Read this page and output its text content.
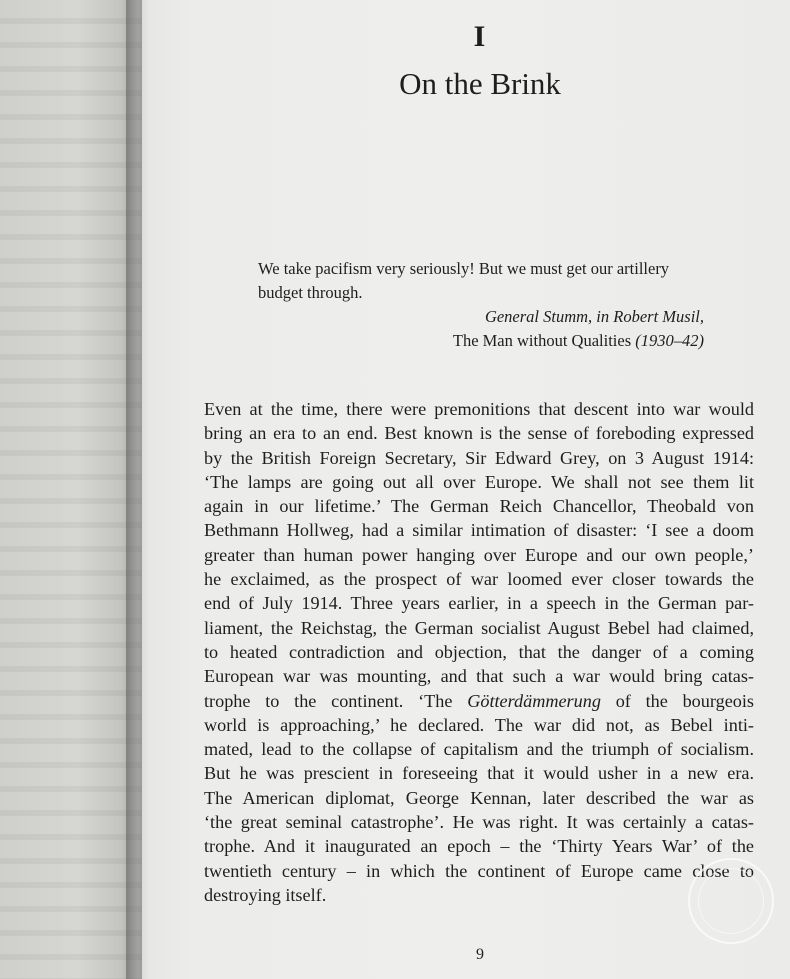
I
On the Brink
We take pacifism very seriously! But we must get our artillery
budget through.
General Stumm, in Robert Musil,
The Man without Qualities (1930–42)
Even at the time, there were premonitions that descent into war would
bring an era to an end. Best known is the sense of foreboding expressed
by the British Foreign Secretary, Sir Edward Grey, on 3 August 1914:
‘The lamps are going out all over Europe. We shall not see them lit
again in our lifetime.’ The German Reich Chancellor, Theobald von
Bethmann Hollweg, had a similar intimation of disaster: ‘I see a doom
greater than human power hanging over Europe and our own people,’
he exclaimed, as the prospect of war loomed ever closer towards the
end of July 1914. Three years earlier, in a speech in the German par-
liament, the Reichstag, the German socialist August Bebel had claimed,
to heated contradiction and objection, that the danger of a coming
European war was mounting, and that such a war would bring catas-
trophe to the continent. ‘The Götterdämmerung of the bourgeois
world is approaching,’ he declared. The war did not, as Bebel inti-
mated, lead to the collapse of capitalism and the triumph of socialism.
But he was prescient in foreseeing that it would usher in a new era.
The American diplomat, George Kennan, later described the war as
‘the great seminal catastrophe’. He was right. It was certainly a catas-
trophe. And it inaugurated an epoch – the ‘Thirty Years War’ of the
twentieth century – in which the continent of Europe came close to
destroying itself.
9
